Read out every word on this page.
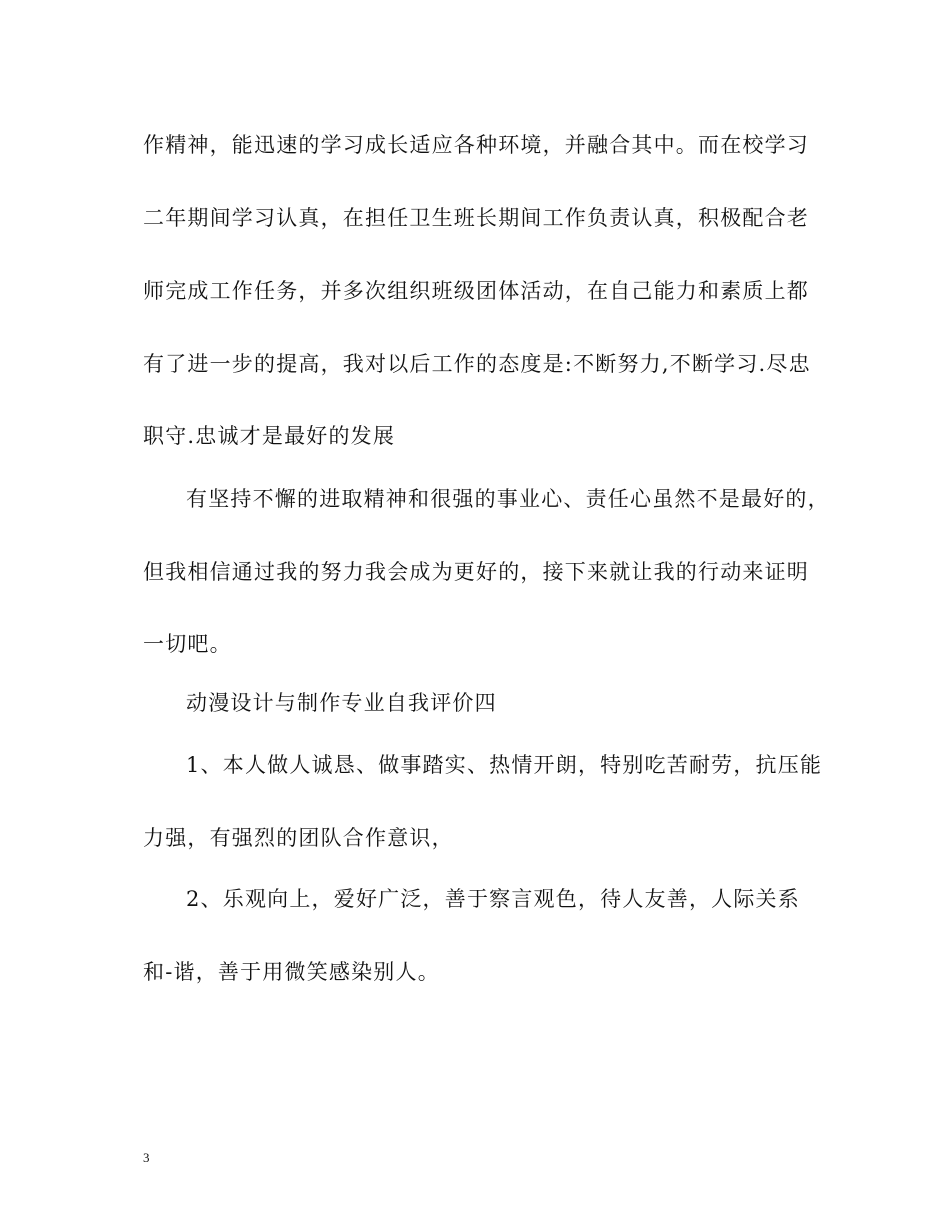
作精神，能迅速的学习成长适应各种环境，并融合其中。而在校学习
二年期间学习认真，在担任卫生班长期间工作负责认真，积极配合老
师完成工作任务，并多次组织班级团体活动，在自己能力和素质上都
有了进一步的提高，我对以后工作的态度是:不断努力,不断学习.尽忠
职守.忠诚才是最好的发展
有坚持不懈的进取精神和很强的事业心、责任心虽然不是最好的，
但我相信通过我的努力我会成为更好的，接下来就让我的行动来证明
一切吧。
动漫设计与制作专业自我评价四
1、本人做人诚恳、做事踏实、热情开朗，特别吃苦耐劳，抗压能
力强，有强烈的团队合作意识，
2、乐观向上，爱好广泛，善于察言观色，待人友善，人际关系
和-谐，善于用微笑感染别人。
3
